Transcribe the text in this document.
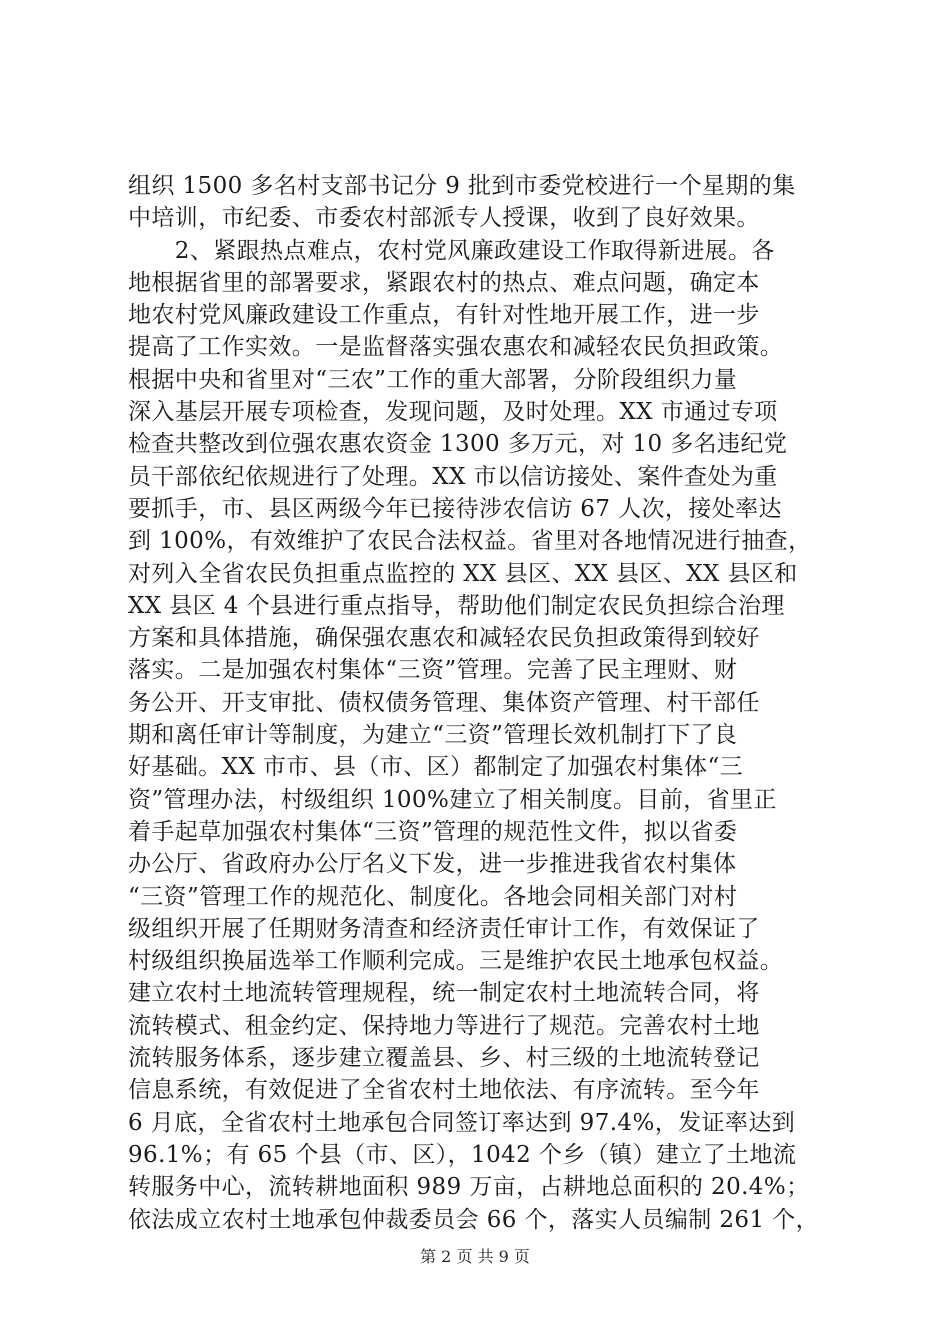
组织 1500 多名村支部书记分 9 批到市委党校进行一个星期的集
中培训，市纪委、市委农村部派专人授课，收到了良好效果。
　　2、紧跟热点难点，农村党风廉政建设工作取得新进展。各
地根据省里的部署要求，紧跟农村的热点、难点问题，确定本
地农村党风廉政建设工作重点，有针对性地开展工作，进一步
提高了工作实效。一是监督落实强农惠农和减轻农民负担政策。
根据中央和省里对“三农”工作的重大部署，分阶段组织力量
深入基层开展专项检查，发现问题，及时处理。XX 市通过专项
检查共整改到位强农惠农资金 1300 多万元，对 10 多名违纪党
员干部依纪依规进行了处理。XX 市以信访接处、案件查处为重
要抓手，市、县区两级今年已接待涉农信访 67 人次，接处率达
到 100%，有效维护了农民合法权益。省里对各地情况进行抽查，
对列入全省农民负担重点监控的 XX 县区、XX 县区、XX 县区和
XX 县区 4 个县进行重点指导，帮助他们制定农民负担综合治理
方案和具体措施，确保强农惠农和减轻农民负担政策得到较好
落实。二是加强农村集体“三资”管理。完善了民主理财、财
务公开、开支审批、债权债务管理、集体资产管理、村干部任
期和离任审计等制度，为建立“三资”管理长效机制打下了良
好基础。XX 市市、县（市、区）都制定了加强农村集体“三
资”管理办法，村级组织 100%建立了相关制度。目前，省里正
着手起草加强农村集体“三资”管理的规范性文件，拟以省委
办公厅、省政府办公厅名义下发，进一步推进我省农村集体
“三资”管理工作的规范化、制度化。各地会同相关部门对村
级组织开展了任期财务清查和经济责任审计工作，有效保证了
村级组织换届选举工作顺利完成。三是维护农民土地承包权益。
建立农村土地流转管理规程，统一制定农村土地流转合同，将
流转模式、租金约定、保持地力等进行了规范。完善农村土地
流转服务体系，逐步建立覆盖县、乡、村三级的土地流转登记
信息系统，有效促进了全省农村土地依法、有序流转。至今年
6 月底，全省农村土地承包合同签订率达到 97.4%，发证率达到
96.1%；有 65 个县（市、区），1042 个乡（镇）建立了土地流
转服务中心，流转耕地面积 989 万亩，占耕地总面积的 20.4%；
依法成立农村土地承包仲裁委员会 66 个，落实人员编制 261 个，
第 2 页 共 9 页
